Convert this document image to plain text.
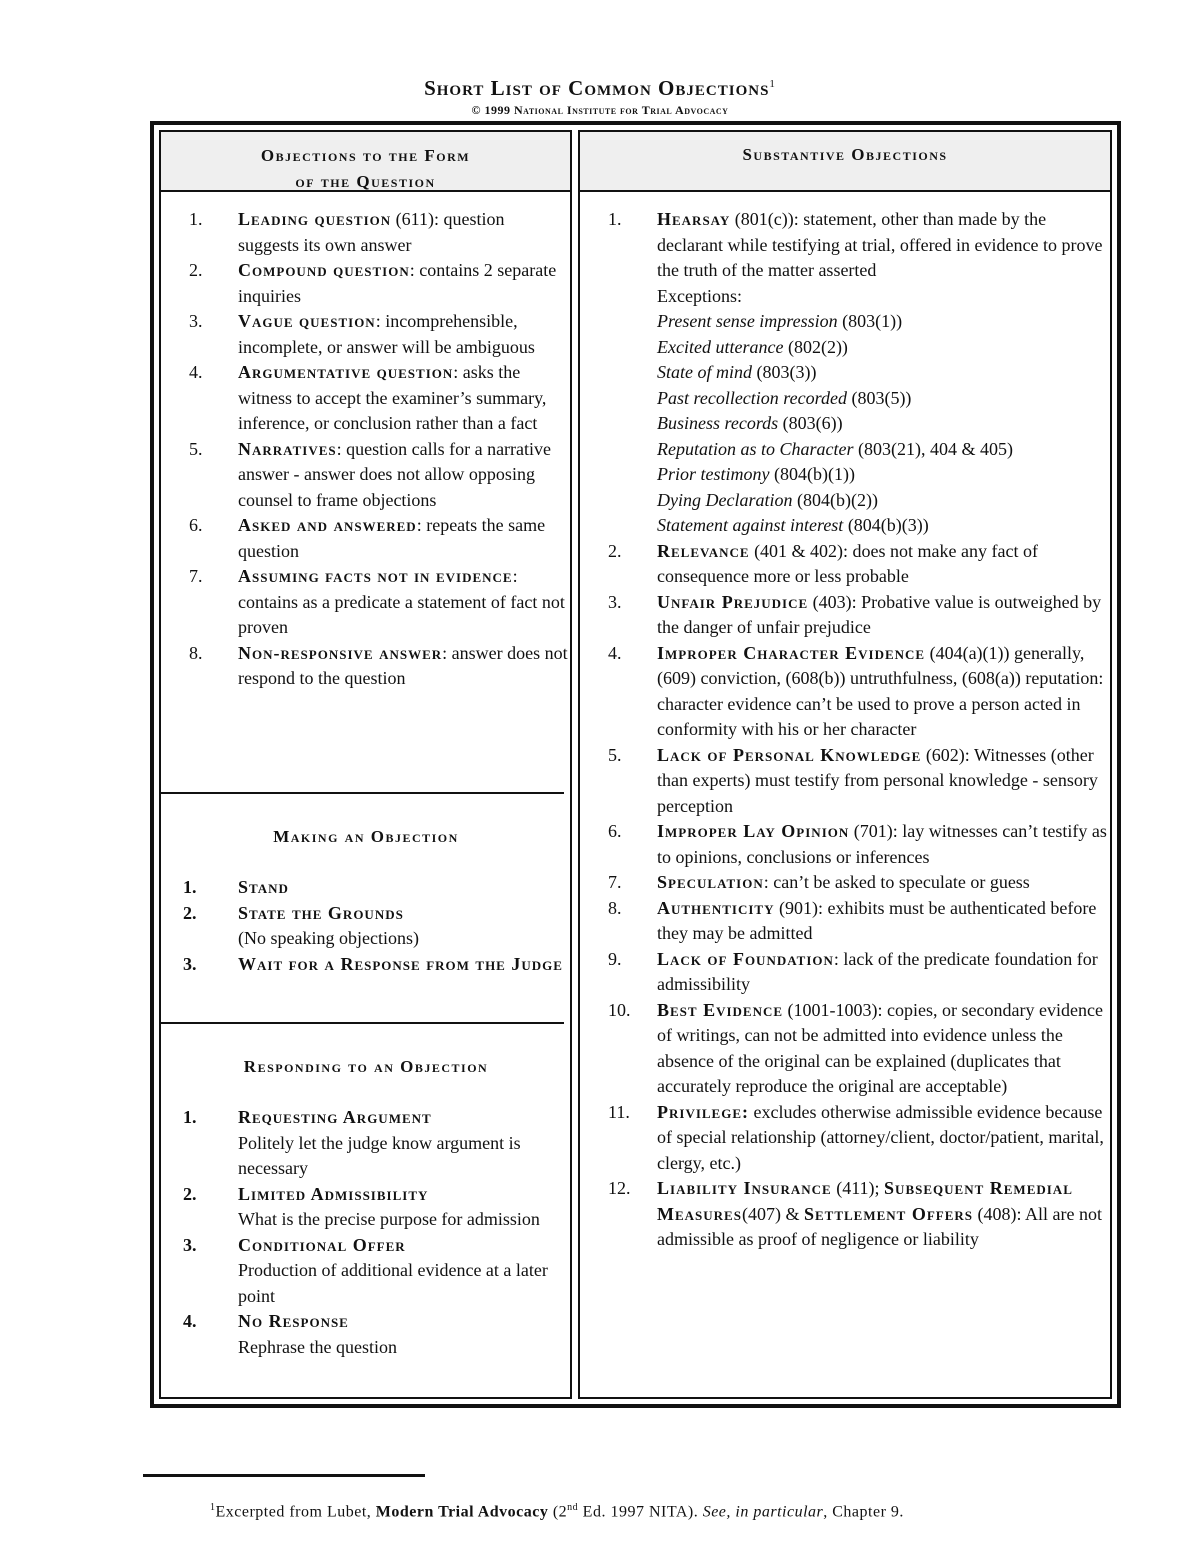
Short List of Common Objections$^1$
© 1999 National Institute for Trial Advocacy
Objections to the Form
of the Question
1. Leading question (611): question suggests its own answer
2. Compound question: contains 2 separate inquiries
3. Vague question: incomprehensible, incomplete, or answer will be ambiguous
4. Argumentative question: asks the witness to accept the examiner’s summary, inference, or conclusion rather than a fact
5. Narratives: question calls for a narrative answer - answer does not allow opposing counsel to frame objections
6. Asked and answered: repeats the same question
7. Assuming facts not in evidence: contains as a predicate a statement of fact not proven
8. Non-responsive answer: answer does not respond to the question
Making an Objection
1. Stand
2. State the Grounds
(No speaking objections)
3. Wait for a Response from the Judge
Responding to an Objection
1. Requesting Argument
Politely let the judge know argument is necessary
2. Limited Admissibility
What is the precise purpose for admission
3. Conditional Offer
Production of additional evidence at a later point
4. No Response
Rephrase the question
Substantive Objections
1. Hearsay (801(c)): statement, other than made by the declarant while testifying at trial, offered in evidence to prove the truth of the matter asserted
Exceptions:
Present sense impression (803(1))
Excited utterance (802(2))
State of mind (803(3))
Past recollection recorded (803(5))
Business records (803(6))
Reputation as to Character (803(21), 404 & 405)
Prior testimony (804(b)(1))
Dying Declaration (804(b)(2))
Statement against interest (804(b)(3))
2. Relevance (401 & 402): does not make any fact of consequence more or less probable
3. Unfair Prejudice (403): Probative value is outweighed by the danger of unfair prejudice
4. Improper Character Evidence (404(a)(1)) generally, (609) conviction, (608(b)) untruthfulness, (608(a)) reputation: character evidence can’t be used to prove a person acted in conformity with his or her character
5. Lack of Personal Knowledge (602): Witnesses (other than experts) must testify from personal knowledge - sensory perception
6. Improper Lay Opinion (701): lay witnesses can’t testify as to opinions, conclusions or inferences
7. Speculation: can’t be asked to speculate or guess
8. Authenticity (901): exhibits must be authenticated before they may be admitted
9. Lack of Foundation: lack of the predicate foundation for admissibility
10. Best Evidence (1001-1003): copies, or secondary evidence of writings, can not be admitted into evidence unless the absence of the original can be explained (duplicates that accurately reproduce the original are acceptable)
11. Privilege: excludes otherwise admissible evidence because of special relationship (attorney/client, doctor/patient, marital, clergy, etc.)
12. Liability Insurance (411); Subsequent Remedial Measures(407) & Settlement Offers (408): All are not admissible as proof of negligence or liability
$^1$Excerpted from Lubet, Modern Trial Advocacy (2nd Ed. 1997 NITA). See, in particular, Chapter 9.
